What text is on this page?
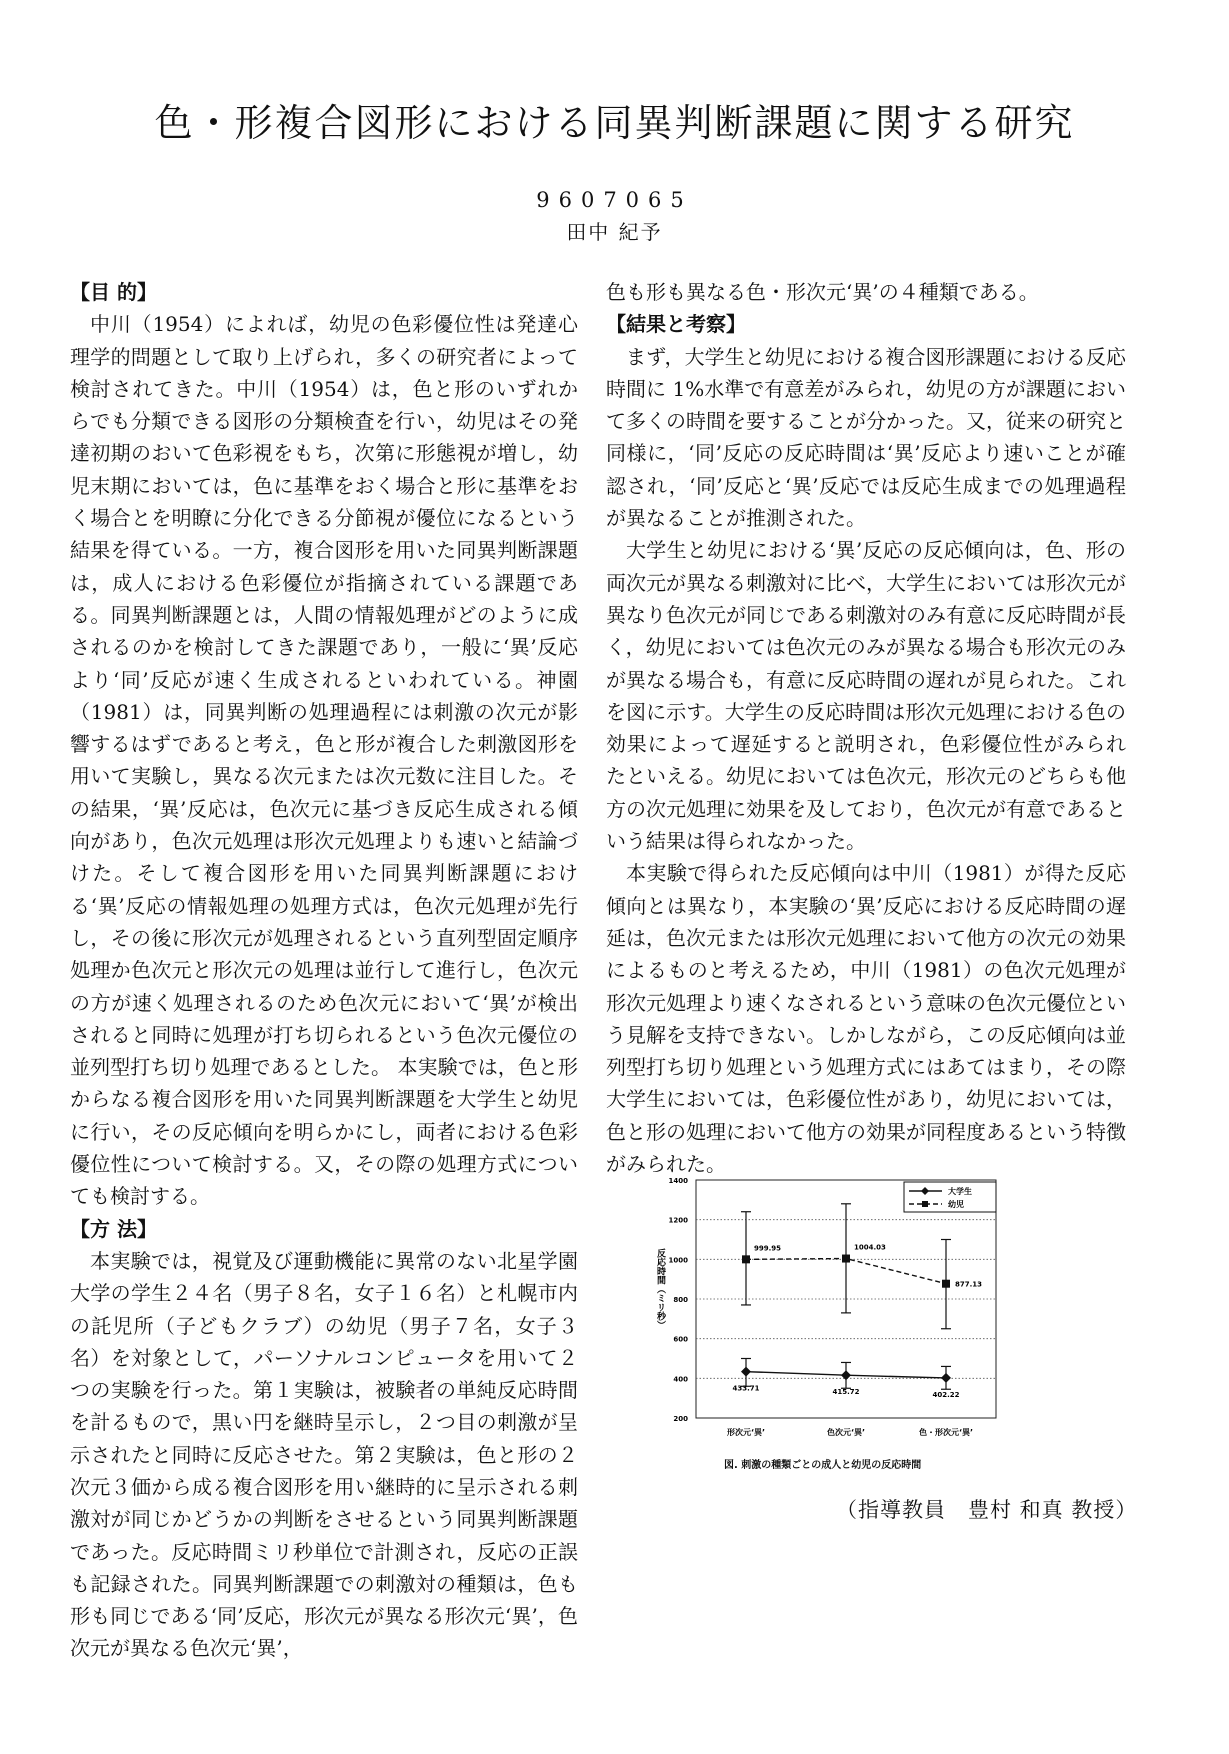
色・形複合図形における同異判断課題に関する研究
9607065
田中 紀予

【目 的】

中川（1954）によれば，幼児の色彩優位性は発達心理学的問題として取り上げられ，多くの研究者によって検討されてきた。中川（1954）は，色と形のいずれからでも分類できる図形の分類検査を行い，幼児はその発達初期のおいて色彩視をもち，次第に形態視が増し，幼児末期においては，色に基準をおく場合と形に基準をおく場合とを明瞭に分化できる分節視が優位になるという結果を得ている。一方，複合図形を用いた同異判断課題は，成人における色彩優位が指摘されている課題である。同異判断課題とは，人間の情報処理がどのように成されるのかを検討してきた課題であり，一般に‘異’反応より‘同’反応が速く生成されるといわれている。神園（1981）は，同異判断の処理過程には刺激の次元が影響するはずであると考え，色と形が複合した刺激図形を用いて実験し，異なる次元または次元数に注目した。その結果，‘異’反応は，色次元に基づき反応生成される傾向があり，色次元処理は形次元処理よりも速いと結論づけた。そして複合図形を用いた同異判断課題における‘異’反応の情報処理の処理方式は，色次元処理が先行し，その後に形次元が処理されるという直列型固定順序処理か色次元と形次元の処理は並行して進行し，色次元の方が速く処理されるのため色次元において‘異’が検出されると同時に処理が打ち切られるという色次元優位の並列型打ち切り処理であるとした。 本実験では，色と形からなる複合図形を用いた同異判断課題を大学生と幼児に行い，その反応傾向を明らかにし，両者における色彩優位性について検討する。又，その際の処理方式についても検討する。

【方 法】

本実験では，視覚及び運動機能に異常のない北星学園大学の学生２４名（男子８名，女子１６名）と札幌市内の託児所（子どもクラブ）の幼児（男子７名，女子３名）を対象として，パーソナルコンピュータを用いて２つの実験を行った。第１実験は，被験者の単純反応時間を計るもので，黒い円を継時呈示し，２つ目の刺激が呈示されたと同時に反応させた。第２実験は，色と形の２次元３価から成る複合図形を用い継時的に呈示される刺激対が同じかどうかの判断をさせるという同異判断課題であった。反応時間ミリ秒単位で計測され，反応の正誤も記録された。同異判断課題での刺激対の種類は，色も形も同じである‘同’反応，形次元が異なる形次元‘異’，色次元が異なる色次元‘異’，

色も形も異なる色・形次元‘異’の４種類である。

【結果と考察】

まず，大学生と幼児における複合図形課題における反応時間に 1%水準で有意差がみられ，幼児の方が課題において多くの時間を要することが分かった。又，従来の研究と同様に，‘同’反応の反応時間は‘異’反応より速いことが確認され，‘同’反応と‘異’反応では反応生成までの処理過程が異なることが推測された。

大学生と幼児における‘異’反応の反応傾向は，色、形の両次元が異なる刺激対に比べ，大学生においては形次元が異なり色次元が同じである刺激対のみ有意に反応時間が長く，幼児においては色次元のみが異なる場合も形次元のみが異なる場合も，有意に反応時間の遅れが見られた。これを図に示す。大学生の反応時間は形次元処理における色の効果によって遅延すると説明され，色彩優位性がみられたといえる。幼児においては色次元，形次元のどちらも他方の次元処理に効果を及しており，色次元が有意であるという結果は得られなかった。

本実験で得られた反応傾向は中川（1981）が得た反応傾向とは異なり，本実験の‘異’反応における反応時間の遅延は，色次元または形次元処理において他方の次元の効果によるものと考えるため，中川（1981）の色次元処理が形次元処理より速くなされるという意味の色次元優位という見解を支持できない。しかしながら，この反応傾向は並列型打ち切り処理という処理方式にはあてはまり，その際大学生においては，色彩優位性があり，幼児においては，色と形の処理において他方の効果が同程度あるという特徴がみられた。

200
400
600
800
1000
1200
1400
反応時間（ミリ秒）
形次元‘異’	色次元‘異’	色・形次元‘異’
433.71	415.72	402.22
999.95	1004.03
877.13
大学生
幼児
図. 刺激の種類ごとの成人と幼児の反応時間
（指導教員　豊村 和真 教授）
